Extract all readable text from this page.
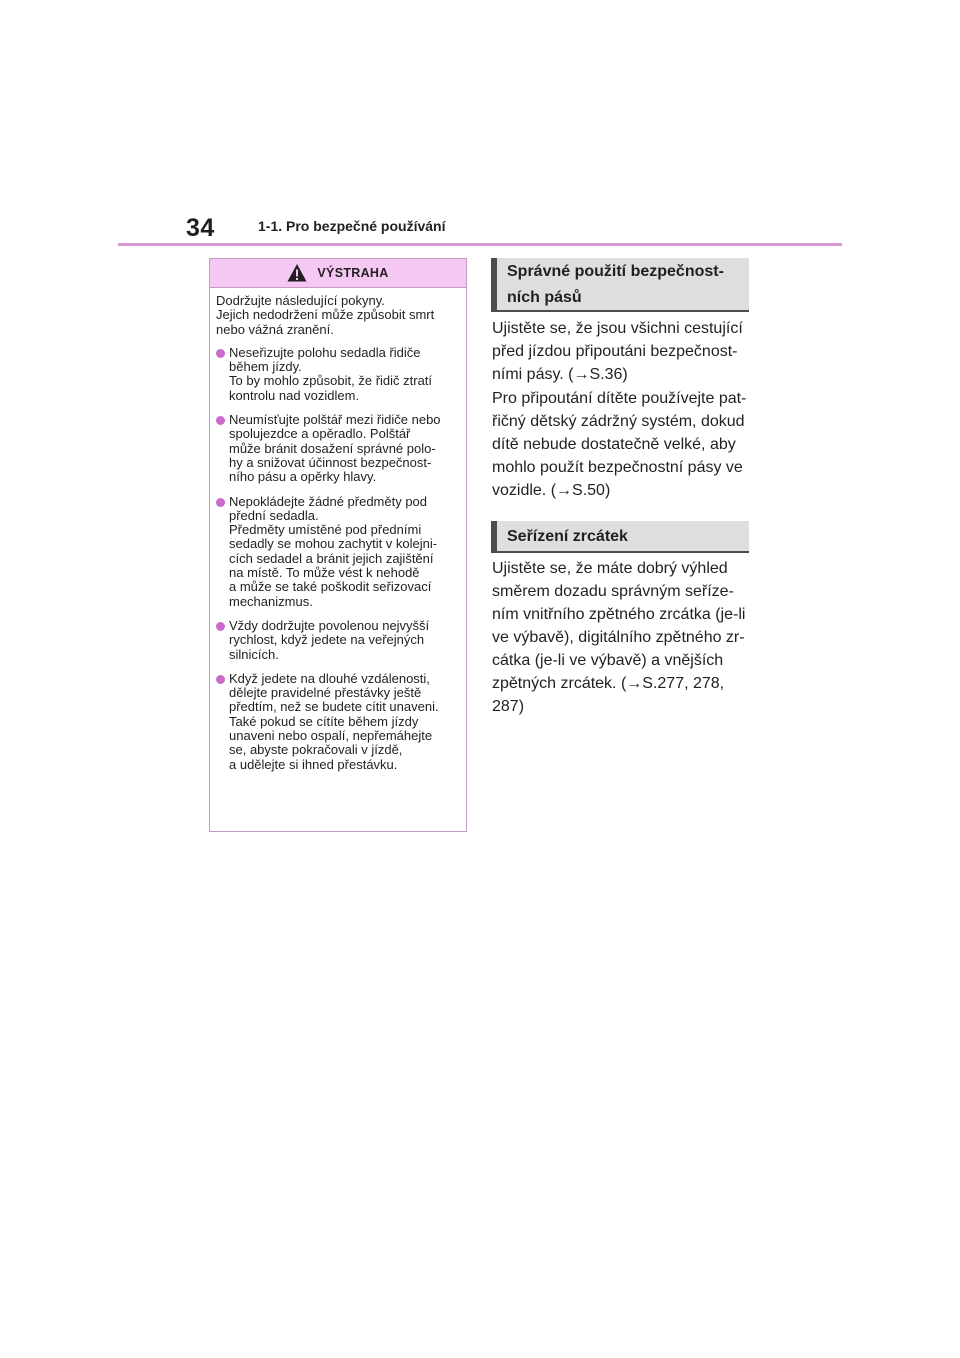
34	1-1. Pro bezpečné používání
VÝSTRAHA

Dodržujte následující pokyny.
Jejich nedodržení může způsobit smrt nebo vážná zranění.

Neseřizujte polohu sedadla řidiče
během jízdy.
To by mohlo způsobit, že řidič ztratí
kontrolu nad vozidlem.
Neumísťujte polštář mezi řidiče nebo
spolujezdce a opěradlo. Polštář
může bránit dosažení správné polo-
hy a snižovat účinnost bezpečnost-
ního pásu a opěrky hlavy.
Nepokládejte žádné předměty pod
přední sedadla.
Předměty umístěné pod předními
sedadly se mohou zachytit v kolejni-
cích sedadel a bránit jejich zajištění
na místě. To může vést k nehodě
a může se také poškodit seřizovací
mechanizmus.
Vždy dodržujte povolenou nejvyšší
rychlost, když jedete na veřejných
silnicích.
Když jedete na dlouhé vzdálenosti,
dělejte pravidelné přestávky ještě
předtím, než se budete cítit unaveni.
Také pokud se cítíte během jízdy
unaveni nebo ospalí, nepřemáhejte
se, abyste pokračovali v jízdě,
a udělejte si ihned přestávku.
Správné použití bezpečnost-
ních pásů

Ujistěte se, že jsou všichni cestující
před jízdou připoutáni bezpečnost-
ními pásy. (→S.36)

Pro připoutání dítěte používejte pat-
řičný dětský zádržný systém, dokud
dítě nebude dostatečně velké, aby
mohlo použít bezpečnostní pásy ve
vozidle. (→S.50)

Seřízení zrcátek

Ujistěte se, že máte dobrý výhled
směrem dozadu správným seříze-
ním vnitřního zpětného zrcátka (je-li
ve výbavě), digitálního zpětného zr-
cátka (je-li ve výbavě) a vnějších
zpětných zrcátek. (→S.277, 278,
287)
